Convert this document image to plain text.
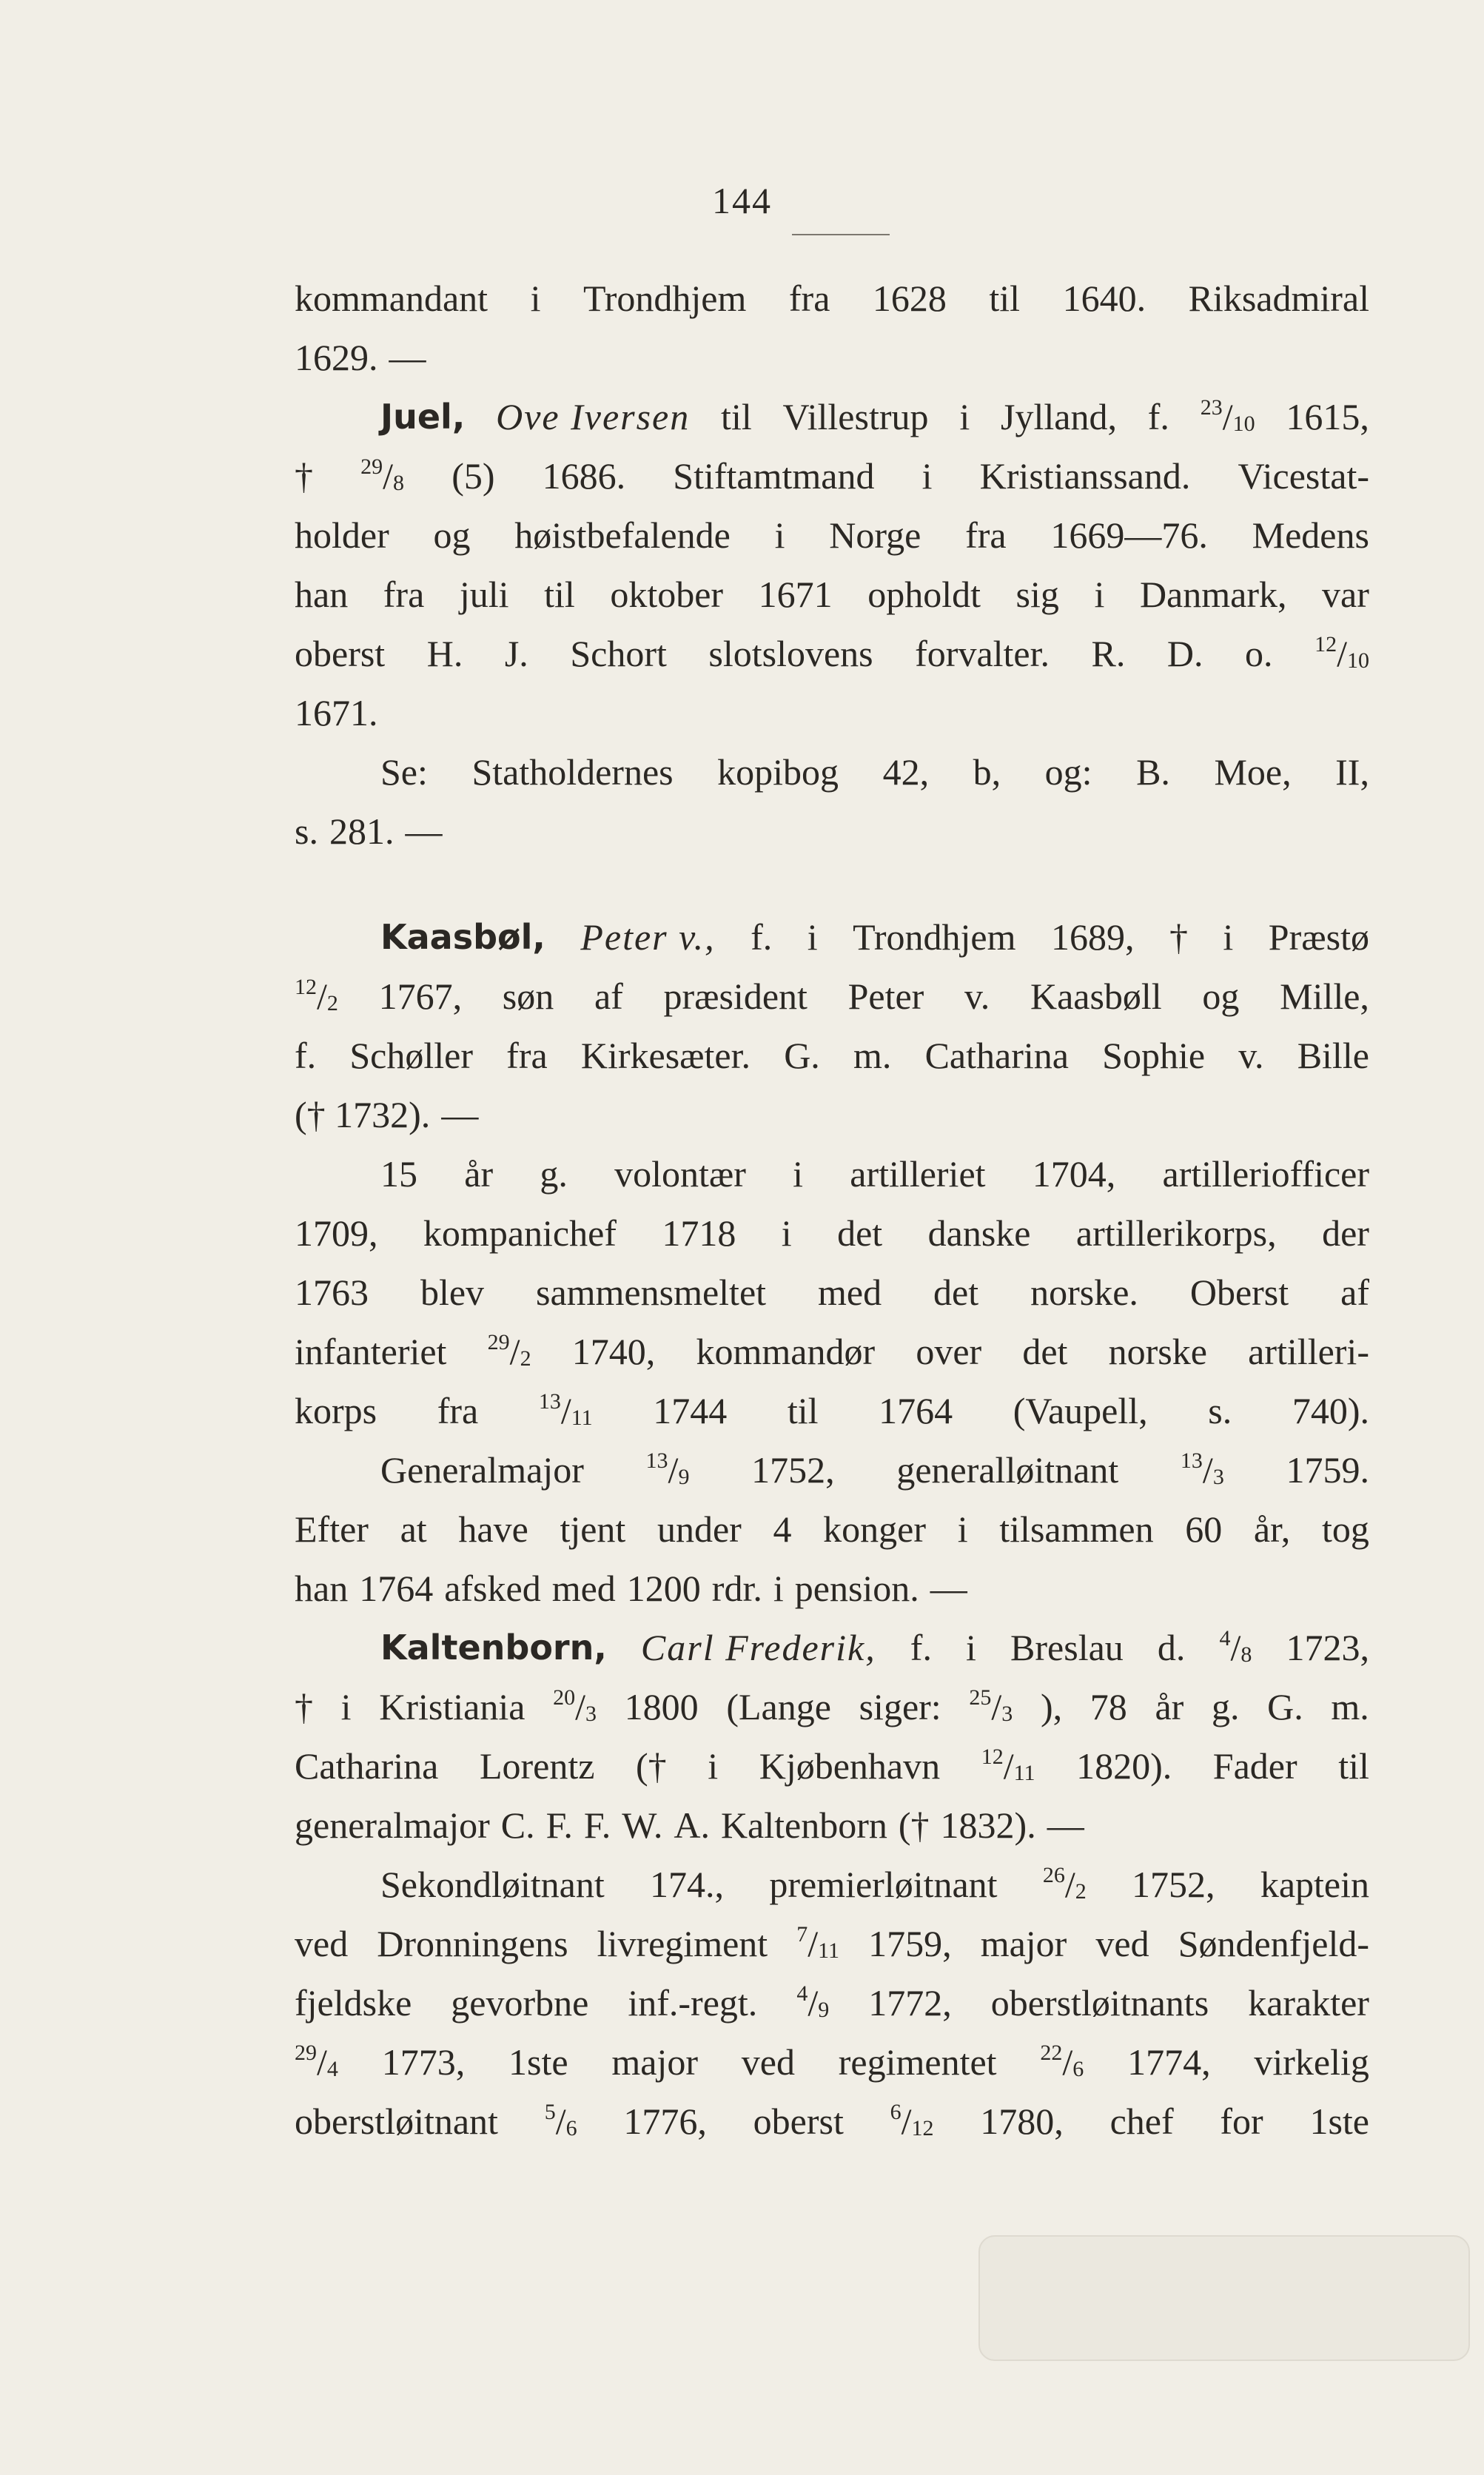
144
kommandant i Trondhjem fra 1628 til 1640. Riksadmiral
1629. —
Juel, Ove Iversen til Villestrup i Jylland, f. $^{23}/_{10}$ 1615,
† $^{29}/_8$ (5) 1686. Stiftamtmand i Kristianssand. Vicestat-
holder og høistbefalende i Norge fra 1669—76. Medens
han fra juli til oktober 1671 opholdt sig i Danmark, var
oberst H. J. Schort slotslovens forvalter. R. D. o. $^{12}/_{10}$
1671.
Se: Statholdernes kopibog 42, b, og: B. Moe, II,
s. 281. —
Kaasbøl, Peter v., f. i Trondhjem 1689, † i Præstø
$^{12}/_2$ 1767, søn af præsident Peter v. Kaasbøll og Mille,
f. Schøller fra Kirkesæter. G. m. Catharina Sophie v. Bille
(† 1732). —
15 år g. volontær i artilleriet 1704, artilleriofficer
1709, kompanichef 1718 i det danske artillerikorps, der
1763 blev sammensmeltet med det norske. Oberst af
infanteriet $^{29}/_2$ 1740, kommandør over det norske artilleri-
korps fra	$^{13}/_{11}$ 1744 til 1764 (Vaupell, s. 740).
Generalmajor	$^{13}/_9$ 1752, generalløitnant	$^{13}/_3$ 1759.
Efter at have tjent under 4 konger i tilsammen 60 år, tog
han 1764 afsked med 1200 rdr. i pension. —
Kaltenborn, Carl Frederik, f. i Breslau d. $^4/_8$ 1723,
† i Kristiania $^{20}/_3$ 1800 (Lange siger: $^{25}/_3$ ), 78 år g. G. m.
Catharina Lorentz († i Kjøbenhavn $^{12}/_{11}$ 1820). Fader til
generalmajor C. F. F. W. A. Kaltenborn († 1832). —
Sekondløitnant 174., premierløitnant $^{26}/_2$ 1752, kaptein
ved Dronningens livregiment $^7/_{11}$ 1759, major ved Søndenfjeld-
fjeldske gevorbne inf.-regt. $^4/_9$ 1772, oberstløitnants karakter
$^{29}/_4$ 1773, 1ste major ved regimentet $^{22}/_6$ 1774, virkelig
oberstløitnant $^5/_6$ 1776, oberst $^6/_{12}$ 1780, chef for 1ste
